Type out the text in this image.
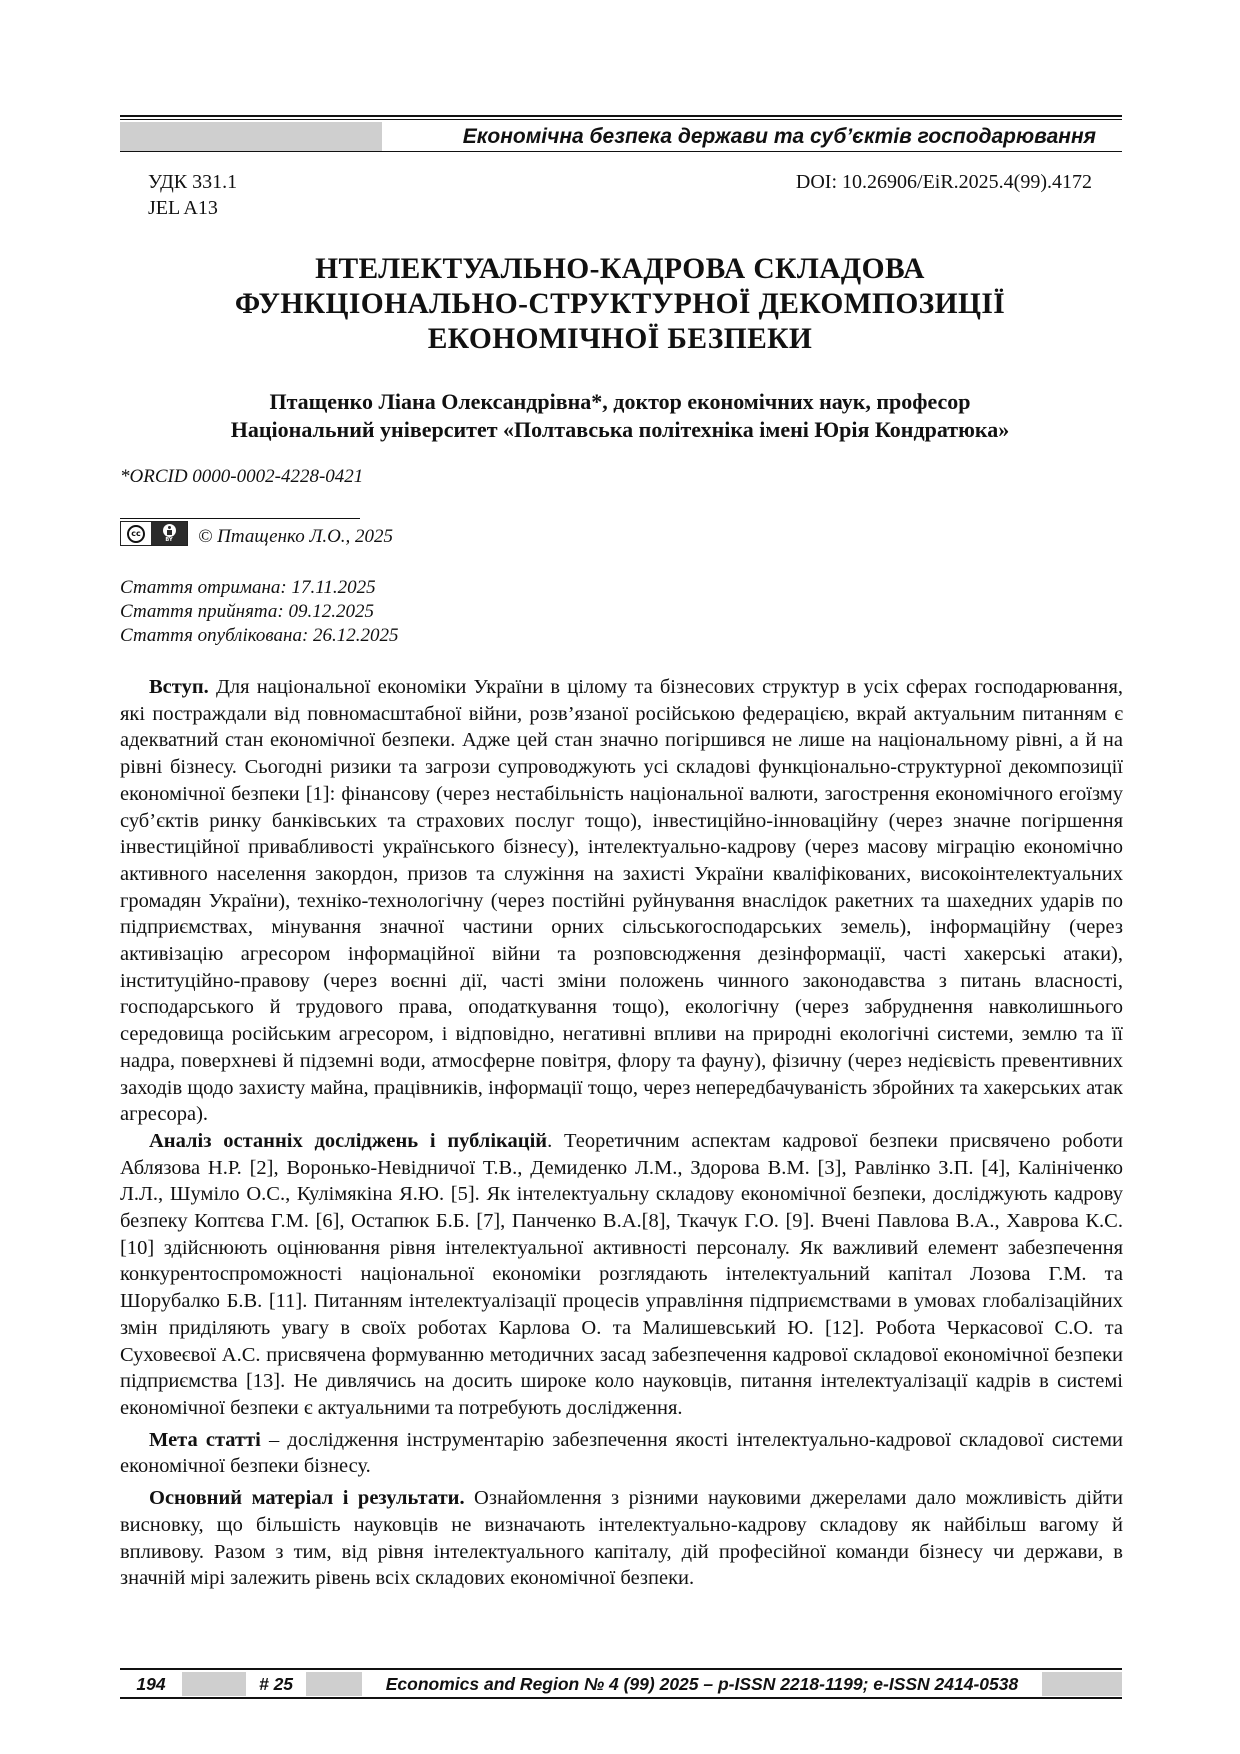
Економічна безпека держави та суб’єктів господарювання
УДК 331.1
JEL A13
DOI: 10.26906/EiR.2025.4(99).4172
НТЕЛЕКТУАЛЬНО-КАДРОВА СКЛАДОВА
ФУНКЦІОНАЛЬНО-СТРУКТУРНОЇ ДЕКОМПОЗИЦІЇ
ЕКОНОМІЧНОЇ БЕЗПЕКИ
Птащенко Ліана Олександрівна*, доктор економічних наук, професор
Національний університет «Полтавська політехніка імені Юрія Кондратюка»
*ORCID 0000-0002-4228-0421
cc
BY © Птащенко Л.О., 2025
Стаття отримана: 17.11.2025
Стаття прийнята: 09.12.2025
Стаття опублікована: 26.12.2025

Вступ. Для національної економіки України в цілому та бізнесових структур в усіх сферах господарювання, які постраждали від повномасштабної війни, розв’язаної російською федерацією, вкрай актуальним питанням є адекватний стан економічної безпеки. Адже цей стан значно погіршився не лише на національному рівні, а й на рівні бізнесу. Сьогодні ризики та загрози супроводжують усі складові функціонально-структурної декомпозиції економічної безпеки [1]: фінансову (через нестабільність національної валюти, загострення економічного егоїзму суб’єктів ринку банківських та страхових послуг тощо), інвестиційно-інноваційну (через значне погіршення інвестиційної привабливості українського бізнесу), інтелектуально-кадрову (через масову міграцію економічно активного населення закордон, призов та служіння на захисті України кваліфікованих, високоінтелектуальних громадян України), техніко-технологічну (через постійні руйнування внаслідок ракетних та шахедних ударів по підприємствах, мінування значної частини орних сільськогосподарських земель), інформаційну (через активізацію агресором інформаційної війни та розповсюдження дезінформації, часті хакерські атаки), інституційно-правову (через воєнні дії, часті зміни положень чинного законодавства з питань власності, господарського й трудового права, оподаткування тощо), екологічну (через забруднення навколишнього середовища російським агресором, і відповідно, негативні впливи на природні екологічні системи, землю та її надра, поверхневі й підземні води, атмосферне повітря, флору та фауну), фізичну (через недієвість превентивних заходів щодо захисту майна, працівників, інформації тощо, через непередбачуваність збройних та хакерських атак агресора).

Аналіз останніх досліджень і публікацій. Теоретичним аспектам кадрової безпеки присвячено роботи Аблязова Н.Р. [2], Воронько-Невідничої Т.В., Демиденко Л.М., Здорова В.М. [3], Равлінко З.П. [4], Калініченко Л.Л., Шуміло О.С., Кулімякіна Я.Ю. [5]. Як інтелектуальну складову економічної безпеки, досліджують кадрову безпеку Коптєва Г.М. [6], Остапюк Б.Б. [7], Панченко В.А.[8], Ткачук Г.О. [9]. Вчені Павлова В.А., Хаврова К.С. [10] здійснюють оцінювання рівня інтелектуальної активності персоналу. Як важливий елемент забезпечення конкурентоспроможності національної економіки розглядають інтелектуальний капітал Лозова Г.М. та Шорубалко Б.В. [11]. Питанням інтелектуалізації процесів управління підприємствами в умовах глобалізаційних змін приділяють увагу в своїх роботах Карлова О. та Малишевський Ю. [12]. Робота Черкасової С.О. та Суховеєвої А.С. присвячена формуванню методичних засад забезпечення кадрової складової економічної безпеки підприємства [13]. Не дивлячись на досить широке коло науковців, питання інтелектуалізації кадрів в системі економічної безпеки є актуальними та потребують дослідження.

Мета статті – дослідження інструментарію забезпечення якості інтелектуально-кадрової складової системи економічної безпеки бізнесу.

Основний матеріал і результати. Ознайомлення з різними науковими джерелами дало можливість дійти висновку, що більшість науковців не визначають інтелектуально-кадрову складову як найбільш вагому й впливову. Разом з тим, від рівня інтелектуального капіталу, дій професійної команди бізнесу чи держави, в значній мірі залежить рівень всіх складових економічної безпеки.

194	# 25	Economics and Region № 4 (99) 2025 – p-ISSN 2218-1199; e-ISSN 2414-0538
